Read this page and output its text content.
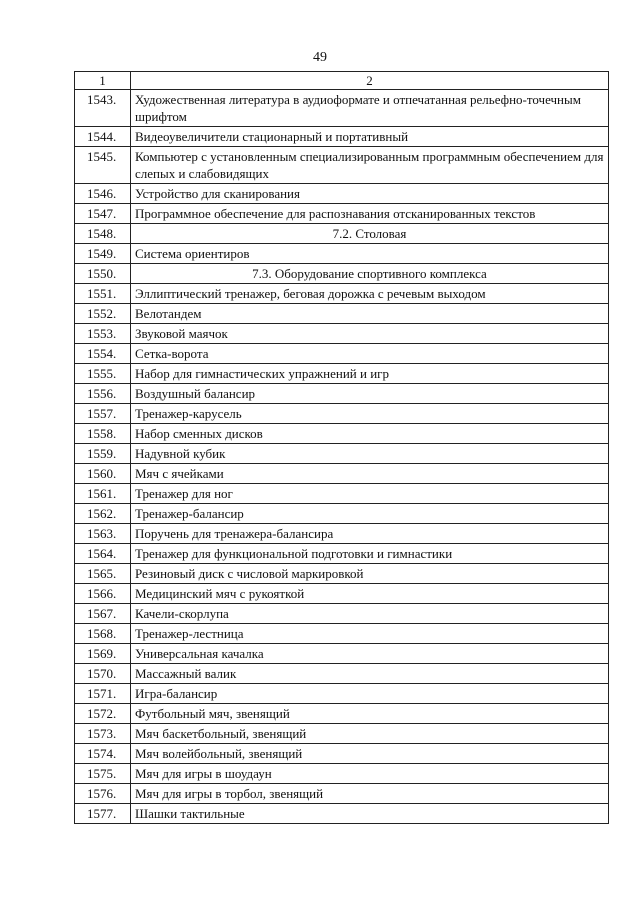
49
1	2
1543.	Художественная литература в аудиоформате и отпечатанная рельефно-точечным шрифтом
1544.	Видеоувеличители стационарный и портативный
1545.	Компьютер с установленным специализированным программным обеспечением для слепых и слабовидящих
1546.	Устройство для сканирования
1547.	Программное обеспечение для распознавания отсканированных текстов
1548.	7.2. Столовая
1549.	Система ориентиров
1550.	7.3. Оборудование спортивного комплекса
1551.	Эллиптический тренажер, беговая дорожка с речевым выходом
1552.	Велотандем
1553.	Звуковой маячок
1554.	Сетка-ворота
1555.	Набор для гимнастических упражнений и игр
1556.	Воздушный балансир
1557.	Тренажер-карусель
1558.	Набор сменных дисков
1559.	Надувной кубик
1560.	Мяч с ячейками
1561.	Тренажер для ног
1562.	Тренажер-балансир
1563.	Поручень для тренажера-балансира
1564.	Тренажер для функциональной подготовки и гимнастики
1565.	Резиновый диск с числовой маркировкой
1566.	Медицинский мяч с рукояткой
1567.	Качели-скорлупа
1568.	Тренажер-лестница
1569.	Универсальная качалка
1570.	Массажный валик
1571.	Игра-балансир
1572.	Футбольный мяч, звенящий
1573.	Мяч баскетбольный, звенящий
1574.	Мяч волейбольный, звенящий
1575.	Мяч для игры в шоудаун
1576.	Мяч для игры в торбол, звенящий
1577.	Шашки тактильные
